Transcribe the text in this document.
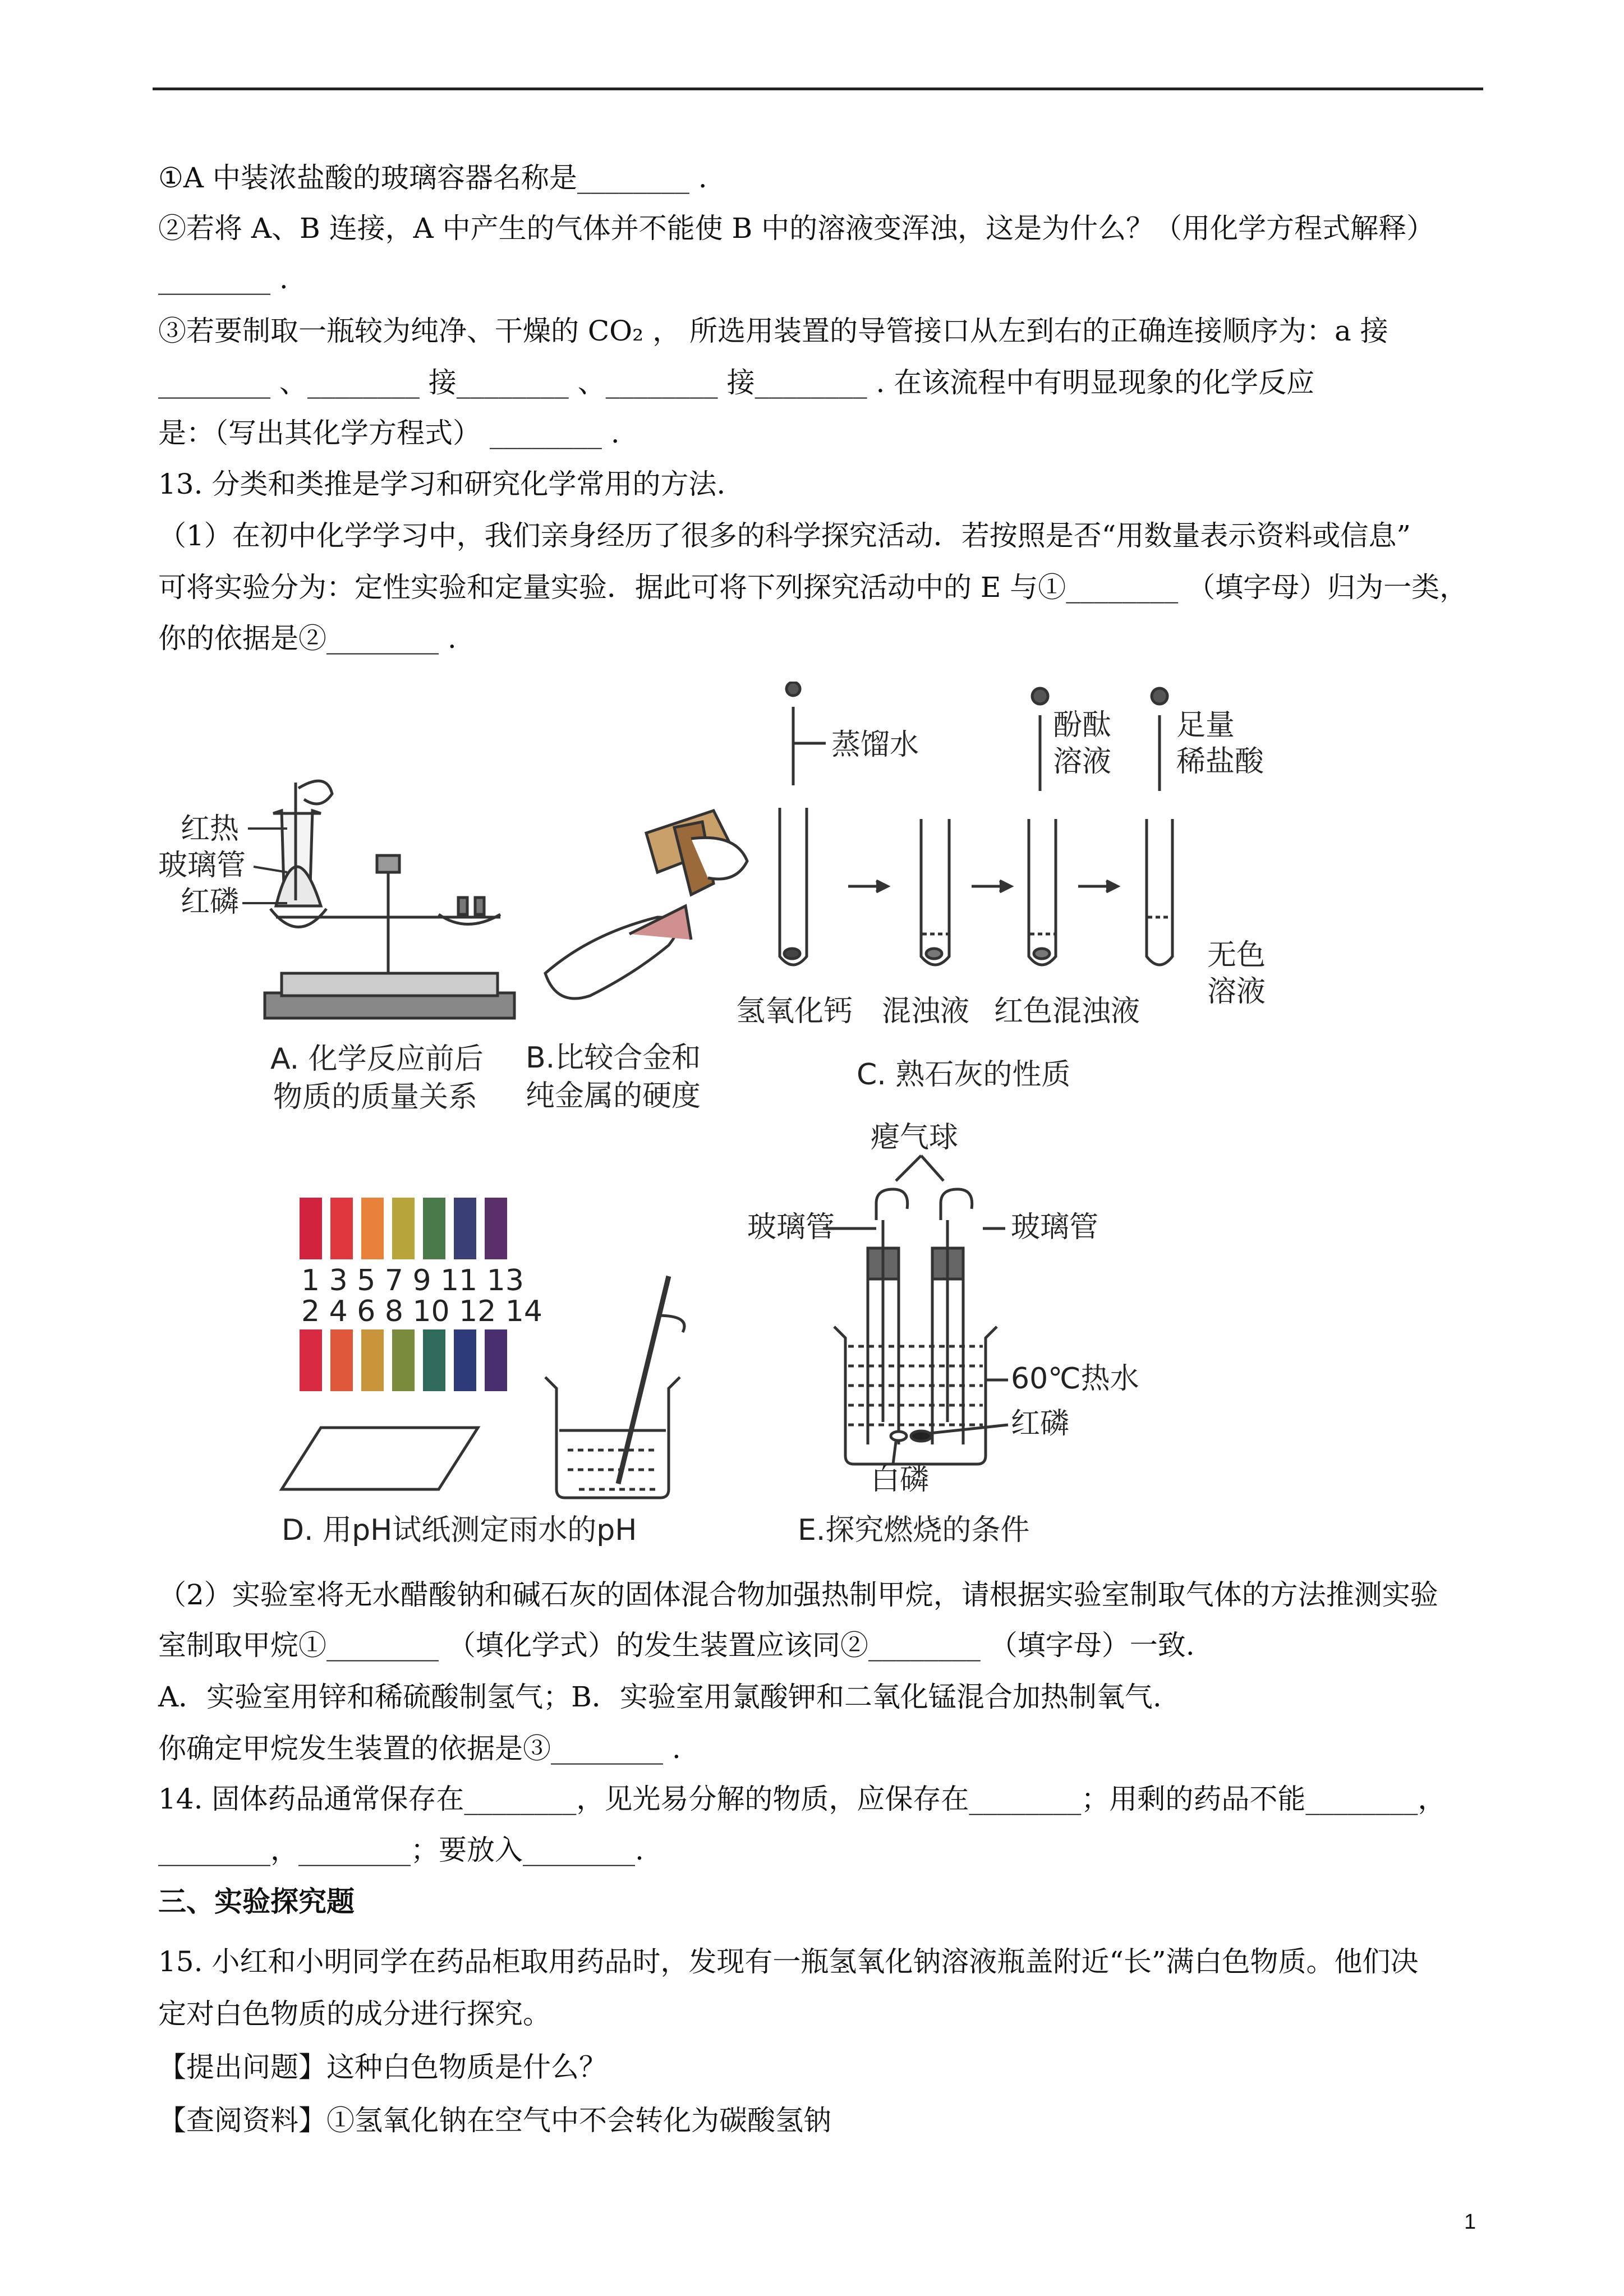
①A 中装浓盐酸的玻璃容器名称是________ .
②若将 A、B 连接，A 中产生的气体并不能使 B 中的溶液变浑浊，这是为什么？（用化学方程式解释）
________ .
③若要制取一瓶较为纯净、干燥的 CO₂ ， 所选用装置的导管接口从左到右的正确连接顺序为：a 接
________ 、________ 接________ 、________ 接________ . 在该流程中有明显现象的化学反应
是：（写出其化学方程式） ________ .
13. 分类和类推是学习和研究化学常用的方法.
（1）在初中化学学习中，我们亲身经历了很多的科学探究活动．若按照是否“用数量表示资料或信息”
可将实验分为：定性实验和定量实验．据此可将下列探究活动中的 E 与①________ （填字母）归为一类，
你的依据是②________ .
红热
玻璃管
红磷
A. 化学反应前后
物质的质量关系
B.比较合金和
纯金属的硬度
蒸馏水
酚酞
溶液
足量
稀盐酸
氢氧化钙 混浊液 红色混浊液
无色
溶液
C. 熟石灰的性质
1 3 5 7 9 11 13
2 4 6 8 10 12 14
D. 用pH试纸测定雨水的pH
瘪气球
玻璃管	玻璃管
60℃热水
红磷
白磷
E.探究燃烧的条件
（2）实验室将无水醋酸钠和碱石灰的固体混合物加强热制甲烷，请根据实验室制取气体的方法推测实验
室制取甲烷①________ （填化学式）的发生装置应该同②________ （填字母）一致.
A．实验室用锌和稀硫酸制氢气；B．实验室用氯酸钾和二氧化锰混合加热制氧气.
你确定甲烷发生装置的依据是③________ .
14. 固体药品通常保存在________，见光易分解的物质，应保存在________；用剩的药品不能________，
________，________；要放入________.
三、实验探究题
15. 小红和小明同学在药品柜取用药品时，发现有一瓶氢氧化钠溶液瓶盖附近“长”满白色物质。他们决
定对白色物质的成分进行探究。
【提出问题】这种白色物质是什么？
【查阅资料】①氢氧化钠在空气中不会转化为碳酸氢钠
1
